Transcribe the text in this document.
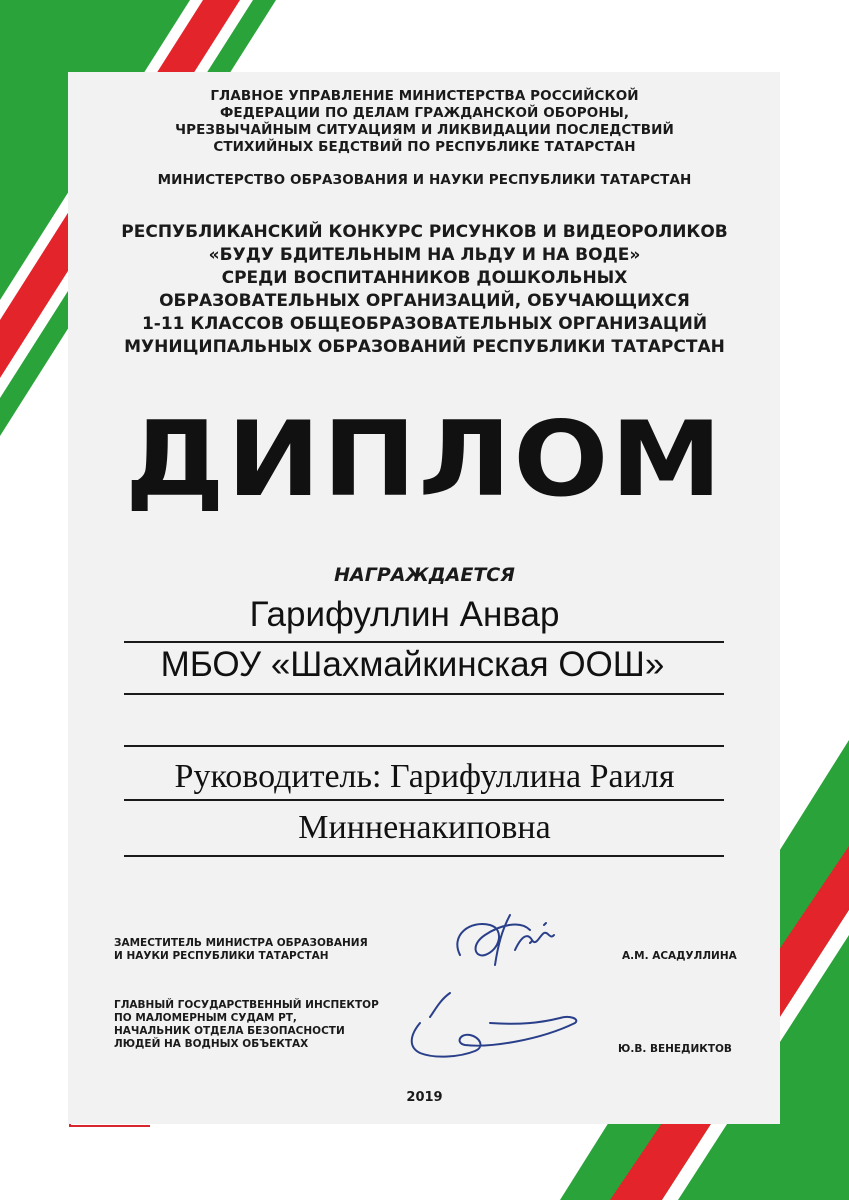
ГЛАВНОЕ УПРАВЛЕНИЕ МИНИСТЕРСТВА РОССИЙСКОЙ
ФЕДЕРАЦИИ ПО ДЕЛАМ ГРАЖДАНСКОЙ ОБОРОНЫ,
ЧРЕЗВЫЧАЙНЫМ СИТУАЦИЯМ И ЛИКВИДАЦИИ ПОСЛЕДСТВИЙ
СТИХИЙНЫХ БЕДСТВИЙ ПО РЕСПУБЛИКЕ ТАТАРСТАН
МИНИСТЕРСТВО ОБРАЗОВАНИЯ И НАУКИ РЕСПУБЛИКИ ТАТАРСТАН
РЕСПУБЛИКАНСКИЙ КОНКУРС РИСУНКОВ И ВИДЕОРОЛИКОВ
«БУДУ БДИТЕЛЬНЫМ НА ЛЬДУ И НА ВОДЕ»
СРЕДИ ВОСПИТАННИКОВ ДОШКОЛЬНЫХ
ОБРАЗОВАТЕЛЬНЫХ ОРГАНИЗАЦИЙ, ОБУЧАЮЩИХСЯ
1-11 КЛАССОВ ОБЩЕОБРАЗОВАТЕЛЬНЫХ ОРГАНИЗАЦИЙ
МУНИЦИПАЛЬНЫХ ОБРАЗОВАНИЙ РЕСПУБЛИКИ ТАТАРСТАН
ДИПЛОМ
НАГРАЖДАЕТСЯ
Гарифуллин Анвар
МБОУ «Шахмайкинская ООШ»
Руководитель: Гарифуллина Раиля
Минненакиповна
ЗАМЕСТИТЕЛЬ МИНИСТРА ОБРАЗОВАНИЯ
И НАУКИ РЕСПУБЛИКИ ТАТАРСТАН	А.М. АСАДУЛЛИНА
ГЛАВНЫЙ ГОСУДАРСТВЕННЫЙ ИНСПЕКТОР
ПО МАЛОМЕРНЫМ СУДАМ РТ,
НАЧАЛЬНИК ОТДЕЛА БЕЗОПАСНОСТИ
ЛЮДЕЙ НА ВОДНЫХ ОБЪЕКТАХ	Ю.В. ВЕНЕДИКТОВ
2019
